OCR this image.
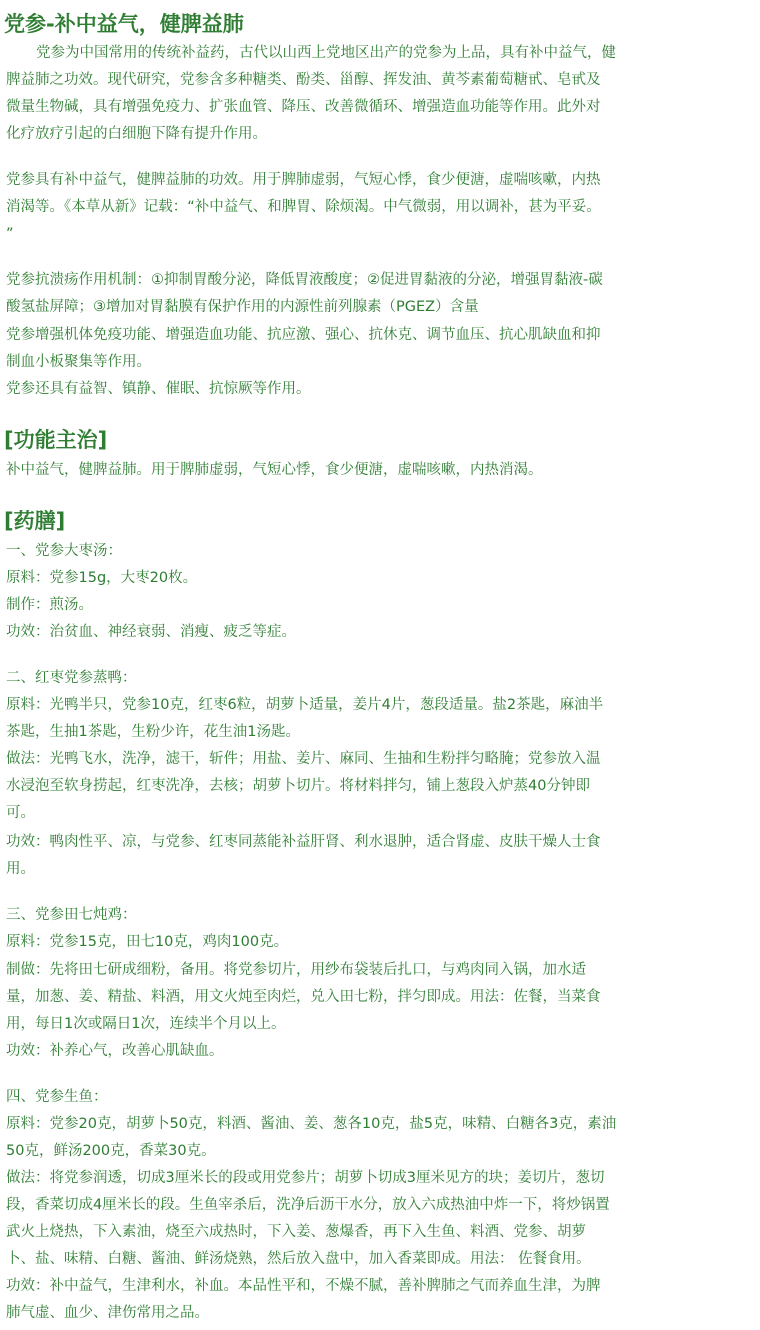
党参-补中益气，健脾益肺
党参为中国常用的传统补益药，古代以山西上党地区出产的党参为上品，具有补中益气，健
脾益肺之功效。现代研究，党参含多种糖类、酚类、甾醇、挥发油、黄芩素葡萄糖甙、皂甙及
微量生物碱，具有增强免疫力、扩张血管、降压、改善微循环、增强造血功能等作用。此外对
化疗放疗引起的白细胞下降有提升作用。
党参具有补中益气，健脾益肺的功效。用于脾肺虚弱，气短心悸，食少便溏，虚喘咳嗽，内热
消渴等。《本草从新》记载：“补中益气、和脾胃、除烦渴。中气微弱，用以调补，甚为平妥。
”
党参抗溃疡作用机制：①抑制胃酸分泌，降低胃液酸度；②促进胃黏液的分泌，增强胃黏液-碳
酸氢盐屏障；③增加对胃黏膜有保护作用的内源性前列腺素（PGEZ）含量
党参增强机体免疫功能、增强造血功能、抗应激、强心、抗休克、调节血压、抗心肌缺血和抑
制血小板聚集等作用。
党参还具有益智、镇静、催眠、抗惊厥等作用。
[功能主治]
补中益气，健脾益肺。用于脾肺虚弱，气短心悸，食少便溏，虚喘咳嗽，内热消渴。
[药膳]
一、党参大枣汤：
原料：党参15g，大枣20枚。
制作：煎汤。
功效：治贫血、神经衰弱、消瘦、疲乏等症。
二、红枣党参蒸鸭：
原料：光鸭半只，党参10克，红枣6粒，胡萝卜适量，姜片4片，葱段适量。盐2茶匙，麻油半
茶匙，生抽1茶匙，生粉少许，花生油1汤匙。
做法：光鸭飞水，洗净，滤干，斩件；用盐、姜片、麻同、生抽和生粉拌匀略腌；党参放入温
水浸泡至软身捞起，红枣洗净，去核；胡萝卜切片。将材料拌匀，铺上葱段入炉蒸40分钟即
可。
功效：鸭肉性平、凉，与党参、红枣同蒸能补益肝肾、利水退肿，适合肾虚、皮肤干燥人士食
用。
三、党参田七炖鸡：
原料：党参15克，田七10克，鸡肉100克。
制做：先将田七研成细粉，备用。将党参切片，用纱布袋装后扎口，与鸡肉同入锅，加水适
量，加葱、姜、精盐、料酒，用文火炖至肉烂，兑入田七粉，拌匀即成。用法：佐餐，当菜食
用，每日1次或隔日1次，连续半个月以上。
功效：补养心气，改善心肌缺血。
四、党参生鱼：
原料：党参20克，胡萝卜50克，料酒、酱油、姜、葱各10克，盐5克，味精、白糖各3克，素油
50克，鲜汤200克，香菜30克。
做法：将党参润透，切成3厘米长的段或用党参片；胡萝卜切成3厘米见方的块；姜切片，葱切
段，香菜切成4厘米长的段。生鱼宰杀后，洗净后沥干水分，放入六成热油中炸一下，将炒锅置
武火上烧热，下入素油，烧至六成热时，下入姜、葱爆香，再下入生鱼、料酒、党参、胡萝
卜、盐、味精、白糖、酱油、鲜汤烧熟，然后放入盘中，加入香菜即成。用法： 佐餐食用。
功效：补中益气，生津利水，补血。本品性平和，不燥不腻，善补脾肺之气而养血生津，为脾
肺气虚、血少、津伤常用之品。
